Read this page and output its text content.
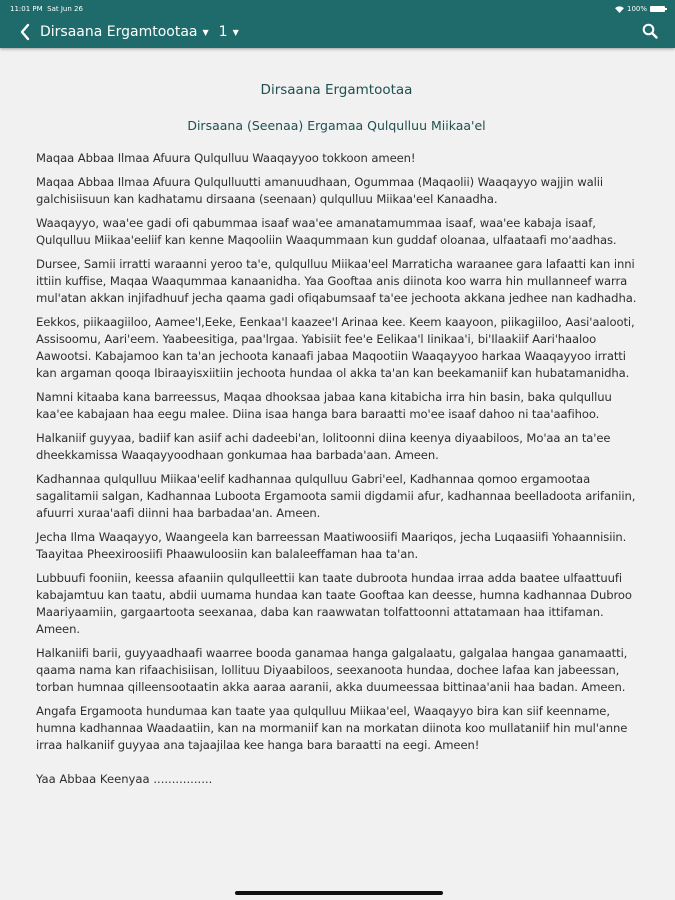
11:01 PM Sat Jun 26	100%
Dirsaana Ergamtootaa ▼ 1 ▼
Dirsaana Ergamtootaa
Dirsaana (Seenaa) Ergamaa Qulqulluu Miikaa'el

Maqaa Abbaa Ilmaa Afuura Qulqulluu Waaqayyoo tokkoon ameen!

Maqaa Abbaa Ilmaa Afuura Qulqulluutti amanuudhaan, Ogummaa (Maqaolii) Waaqayyo wajjin walii galchisiisuun kan kadhatamu dirsaana (seenaan) qulqulluu Miikaa'eel Kanaadha.

Waaqayyo, waa'ee gadi ofi qabummaa isaaf waa'ee amanatamummaa isaaf, waa'ee kabaja isaaf, Qulqulluu Miikaa'eeliif kan kenne Maqooliin Waaqummaan kun guddaf oloanaa, ulfaataafi mo'aadhas.

Dursee, Samii irratti waraanni yeroo ta'e, qulqulluu Miikaa'eel Marraticha waraanee gara lafaatti kan inni ittiin kuffise, Maqaa Waaqummaa kanaanidha. Yaa Gooftaa anis diinota koo warra hin mullanneef warra mul'atan akkan injifadhuuf jecha qaama gadi ofiqabumsaaf ta'ee jechoota akkana jedhee nan kadhadha.

Eekkos, piikaagiiloo, Aamee'l,Eeke, Eenkaa'l kaazee'l Arinaa kee. Keem kaayoon, piikagiiloo, Aasi'aalooti, Assisoomu, Aari'eem. Yaabeesitiga, paa'lrgaa. Yabisiit fee'e Eelikaa'l Iinikaa'i, bi'Ilaakiif Aari'haaloo Aawootsi. Kabajamoo kan ta'an jechoota kanaafi jabaa Maqootiin Waaqayyoo harkaa Waaqayyoo irratti kan argaman qooqa Ibiraayisxiitiin jechoota hundaa ol akka ta'an kan beekamaniif kan hubatamanidha.

Namni kitaaba kana barreessus, Maqaa dhooksaa jabaa kana kitabicha irra hin basin, baka qulqulluu kaa'ee kabajaan haa eegu malee. Diina isaa hanga bara baraatti mo'ee isaaf dahoo ni taa'aafihoo.

Halkaniif guyyaa, badiif kan asiif achi dadeebi'an, lolitoonni diina keenya diyaabiloos, Mo'aa an ta'ee dheekkamissa Waaqayyoodhaan gonkumaa haa barbada'aan. Ameen.

Kadhannaa qulqulluu Miikaa'eelif kadhannaa qulqulluu Gabri'eel, Kadhannaa qomoo ergamootaa sagalitamii salgan, Kadhannaa Luboota Ergamoota samii digdamii afur, kadhannaa beelladoota arifaniin, afuurri xuraa'aafi diinni haa barbadaa'an. Ameen.

Jecha Ilma Waaqayyo, Waangeela kan barreessan Maatiwoosiifi Maariqos, jecha Luqaasiifi Yohaannisiin. Taayitaa Pheexiroosiifi Phaawuloosiin kan balaleeffaman haa ta'an.

Lubbuufi fooniin, keessa afaaniin qulqulleettii kan taate dubroota hundaa irraa adda baatee ulfaattuufi kabajamtuu kan taatu, abdii uumama hundaa kan taate Gooftaa kan deesse, humna kadhannaa Dubroo Maariyaamiin, gargaartoota seexanaa, daba kan raawwatan tolfattoonni attatamaan haa ittifaman. Ameen.

Halkaniifi barii, guyyaadhaafi waarree booda ganamaa hanga galgalaatu, galgalaa hangaa ganamaatti, qaama nama kan rifaachisiisan, lollituu Diyaabiloos, seexanoota hundaa, dochee lafaa kan jabeessan, torban humnaa qilleensootaatin akka aaraa aaranii, akka duumeessaa bittinaa'anii haa badan. Ameen.

Angafa Ergamoota hundumaa kan taate yaa qulqulluu Miikaa'eel, Waaqayyo bira kan siif keenname, humna kadhannaa Waadaatiin, kan na mormaniif kan na morkatan diinota koo mullataniif hin mul'anne irraa halkaniif guyyaa ana tajaajilaa kee hanga bara baraatti na eegi. Ameen!

Yaa Abbaa Keenyaa ................
